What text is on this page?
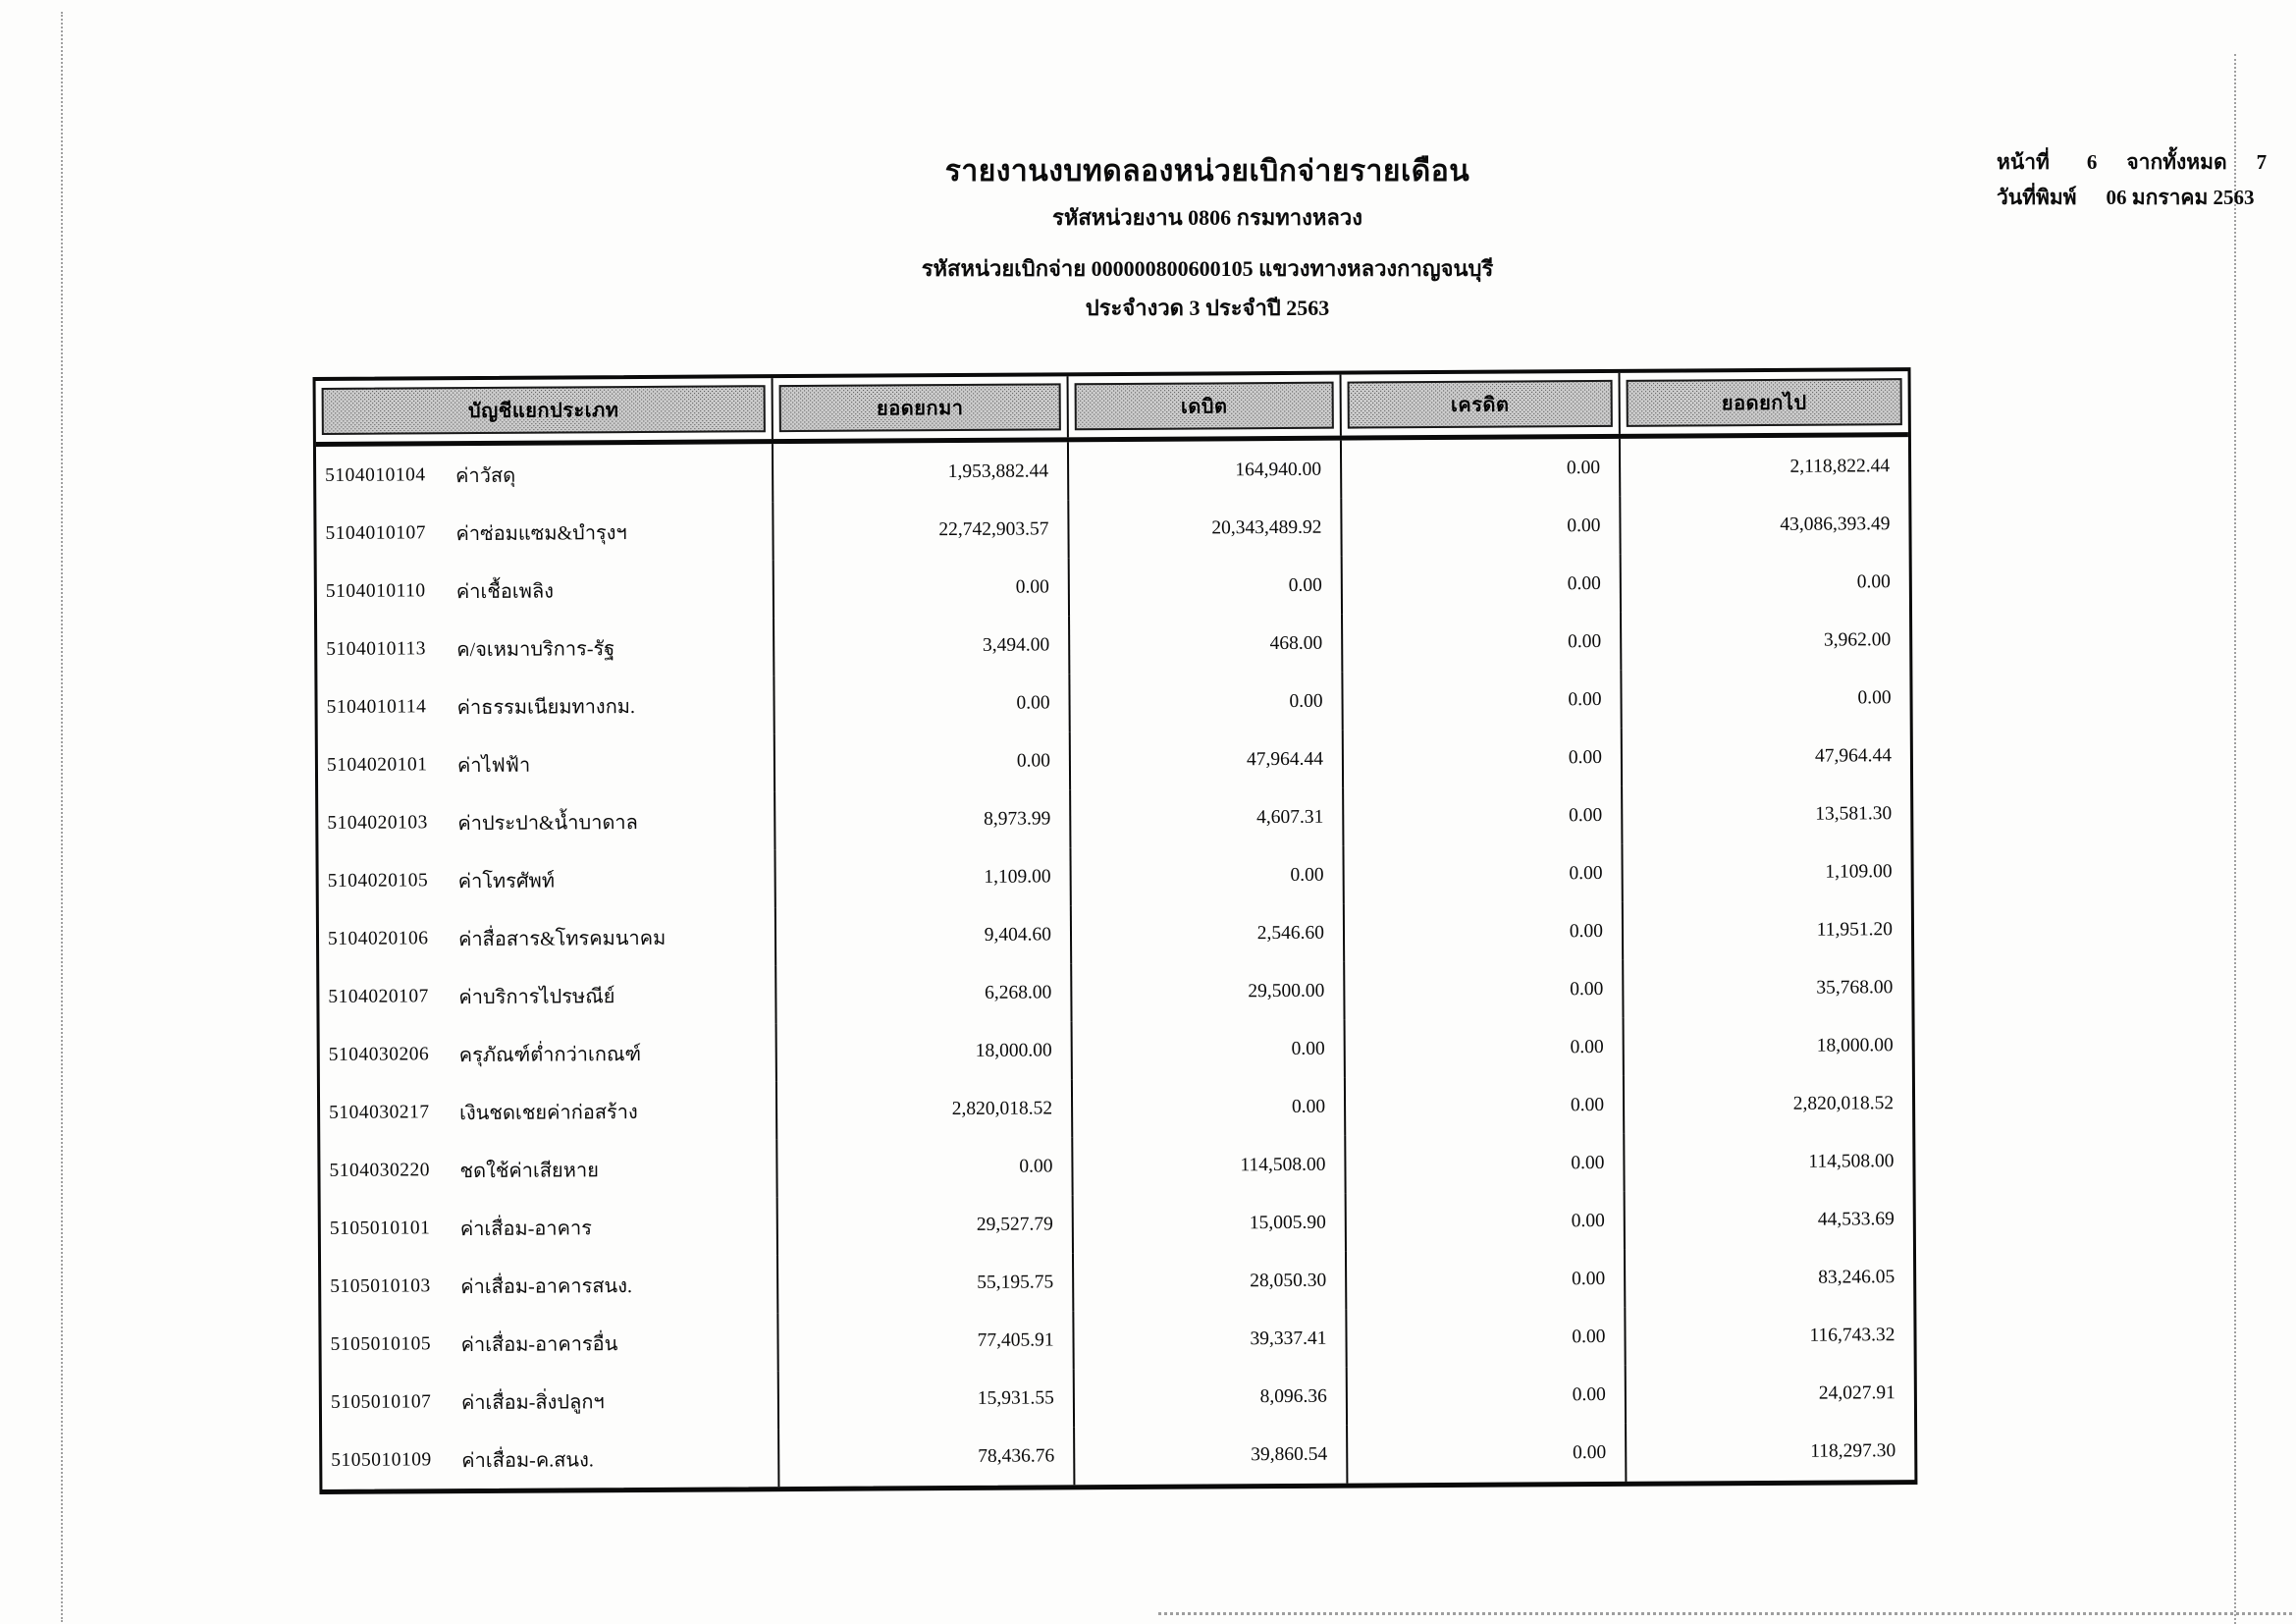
รายงานงบทดลองหน่วยเบิกจ่ายรายเดือน
รหัสหน่วยงาน 0806 กรมทางหลวง
รหัสหน่วยเบิกจ่าย 000000800600105 แขวงทางหลวงกาญจนบุรี
ประจำงวด 3 ประจำปี 2563
หน้าที่ 6 จากทั้งหมด 7
วันที่พิมพ์ 06 มกราคม 2563
บัญชีแยกประเภท	ยอดยกมา	เดบิต	เครดิต	ยอดยกไป
5104010104	ค่าวัสดุ	1,953,882.44	164,940.00	0.00	2,118,822.44
5104010107	ค่าซ่อมแซม&บำรุงฯ	22,742,903.57	20,343,489.92	0.00	43,086,393.49
5104010110	ค่าเชื้อเพลิง	0.00	0.00	0.00	0.00
5104010113	ค/จเหมาบริการ-รัฐ	3,494.00	468.00	0.00	3,962.00
5104010114	ค่าธรรมเนียมทางกม.	0.00	0.00	0.00	0.00
5104020101	ค่าไฟฟ้า	0.00	47,964.44	0.00	47,964.44
5104020103	ค่าประปา&น้ำบาดาล	8,973.99	4,607.31	0.00	13,581.30
5104020105	ค่าโทรศัพท์	1,109.00	0.00	0.00	1,109.00
5104020106	ค่าสื่อสาร&โทรคมนาคม	9,404.60	2,546.60	0.00	11,951.20
5104020107	ค่าบริการไปรษณีย์	6,268.00	29,500.00	0.00	35,768.00
5104030206	ครุภัณฑ์ต่ำกว่าเกณฑ์	18,000.00	0.00	0.00	18,000.00
5104030217	เงินชดเชยค่าก่อสร้าง	2,820,018.52	0.00	0.00	2,820,018.52
5104030220	ชดใช้ค่าเสียหาย	0.00	114,508.00	0.00	114,508.00
5105010101	ค่าเสื่อม-อาคาร	29,527.79	15,005.90	0.00	44,533.69
5105010103	ค่าเสื่อม-อาคารสนง.	55,195.75	28,050.30	0.00	83,246.05
5105010105	ค่าเสื่อม-อาคารอื่น	77,405.91	39,337.41	0.00	116,743.32
5105010107	ค่าเสื่อม-สิ่งปลูกฯ	15,931.55	8,096.36	0.00	24,027.91
5105010109	ค่าเสื่อม-ค.สนง.	78,436.76	39,860.54	0.00	118,297.30
